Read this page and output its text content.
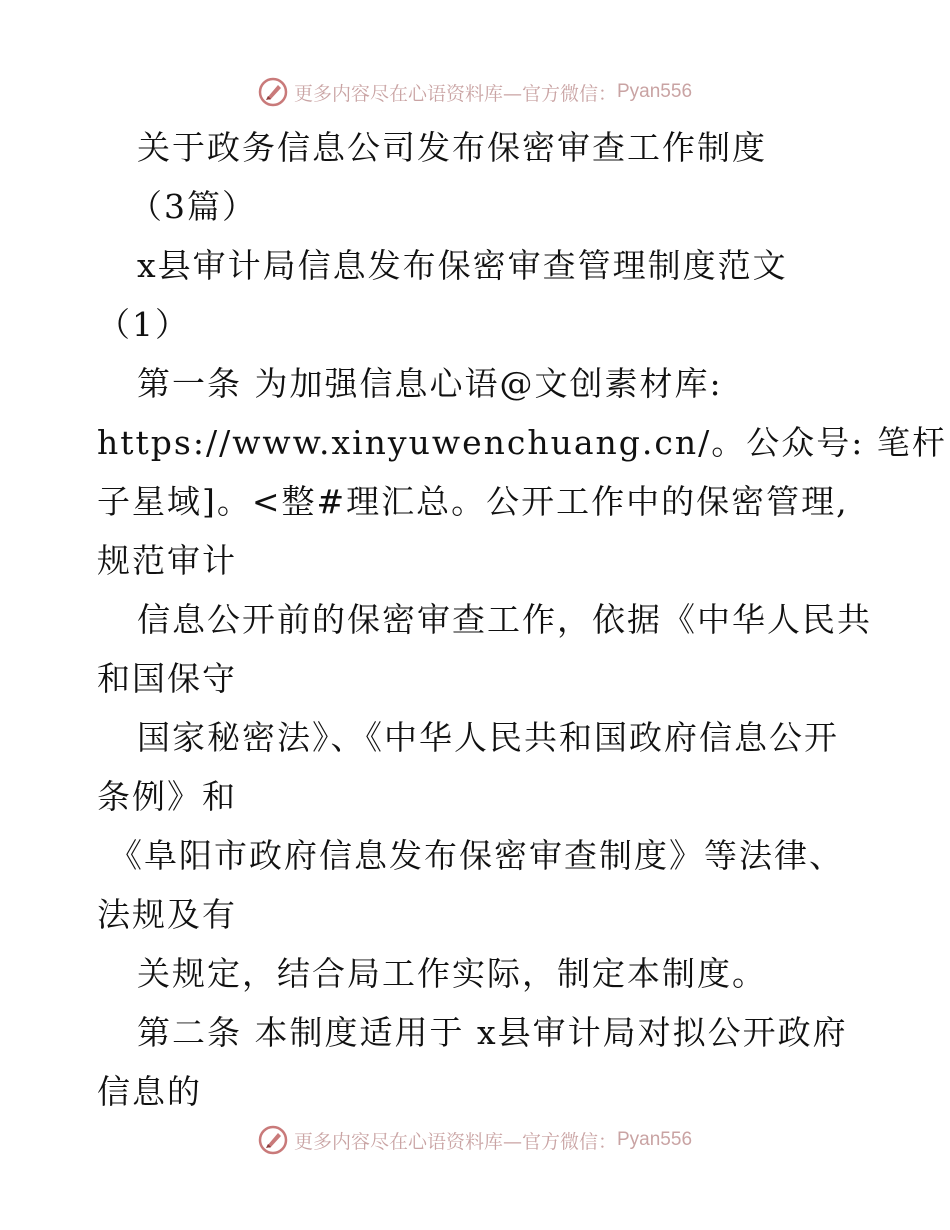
更多内容尽在心语资料库—官方微信： Pyan556
关于政务信息公司发布保密审查工作制度
（3篇）
x县审计局信息发布保密审查管理制度范文
（1）
第一条 为加强信息心语@文创素材库:
https://www.xinyuwenchuang.cn/。公众号: 笔杆
子星域]。<整#理汇总。公开工作中的保密管理,
规范审计
信息公开前的保密审查工作，依据《中华人民共
和国保守
国家秘密法》、《中华人民共和国政府信息公开
条例》和
《阜阳市政府信息发布保密审查制度》等法律、
法规及有
关规定，结合局工作实际，制定本制度。
第二条 本制度适用于 x县审计局对拟公开政府
信息的
更多内容尽在心语资料库—官方微信： Pyan556
